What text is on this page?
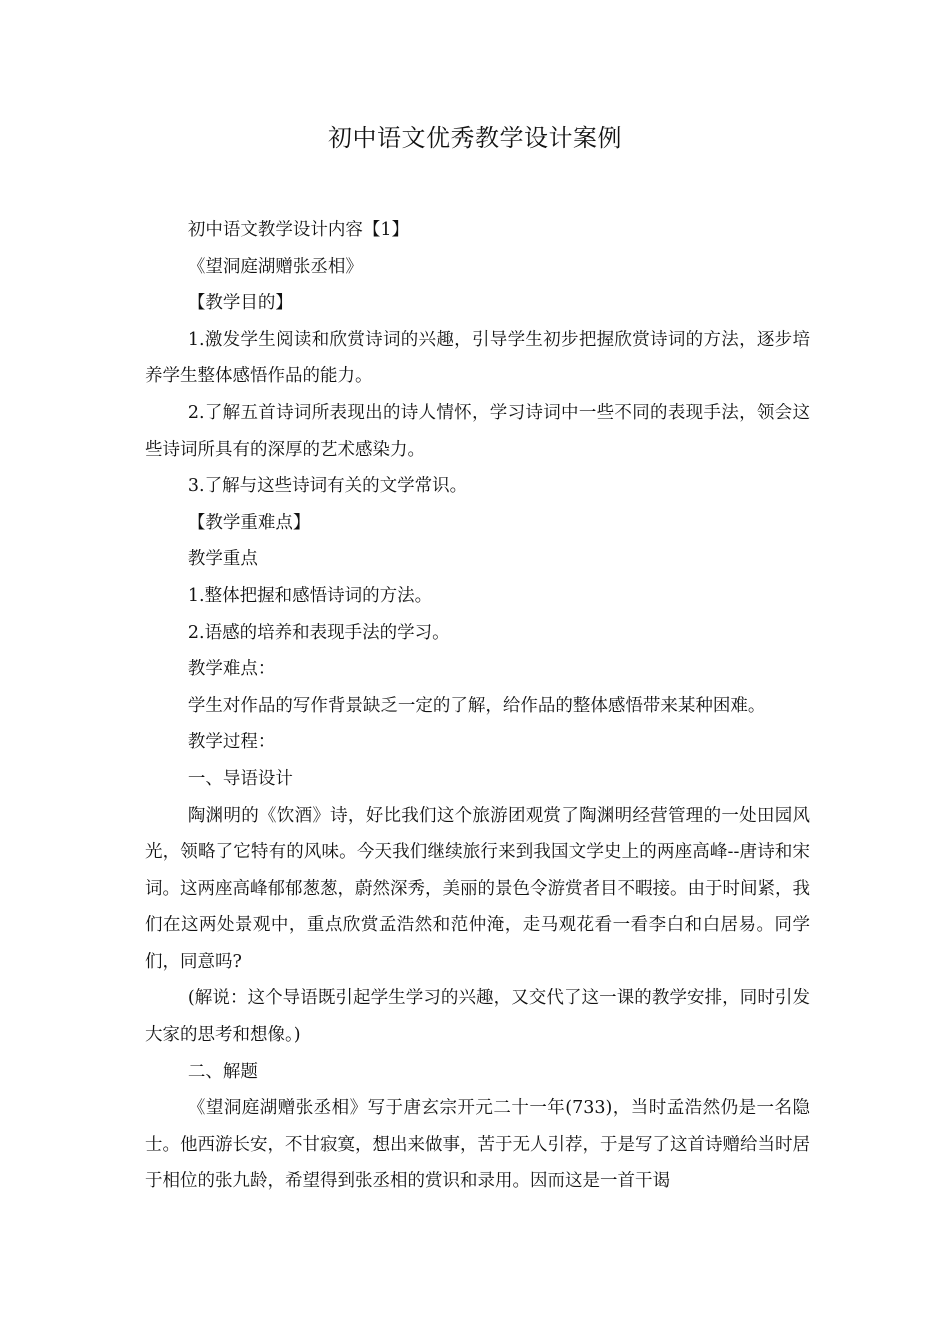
初中语文优秀教学设计案例

初中语文教学设计内容【1】

《望洞庭湖赠张丞相》

【教学目的】

1.激发学生阅读和欣赏诗词的兴趣，引导学生初步把握欣赏诗词的方法，逐步培养学生整体感悟作品的能力。

2.了解五首诗词所表现出的诗人情怀，学习诗词中一些不同的表现手法，领会这些诗词所具有的深厚的艺术感染力。

3.了解与这些诗词有关的文学常识。

【教学重难点】

教学重点

1.整体把握和感悟诗词的方法。

2.语感的培养和表现手法的学习。

教学难点：

学生对作品的写作背景缺乏一定的了解，给作品的整体感悟带来某种困难。

教学过程：

一、导语设计

陶渊明的《饮酒》诗，好比我们这个旅游团观赏了陶渊明经营管理的一处田园风光，领略了它特有的风味。今天我们继续旅行来到我国文学史上的两座高峰--唐诗和宋词。这两座高峰郁郁葱葱，蔚然深秀，美丽的景色令游赏者目不暇接。由于时间紧，我们在这两处景观中，重点欣赏孟浩然和范仲淹，走马观花看一看李白和白居易。同学们，同意吗?

(解说：这个导语既引起学生学习的兴趣，又交代了这一课的教学安排，同时引发大家的思考和想像。)

二、解题

《望洞庭湖赠张丞相》写于唐玄宗开元二十一年(733)，当时孟浩然仍是一名隐士。他西游长安，不甘寂寞，想出来做事，苦于无人引荐，于是写了这首诗赠给当时居于相位的张九龄，希望得到张丞相的赏识和录用。因而这是一首干谒
